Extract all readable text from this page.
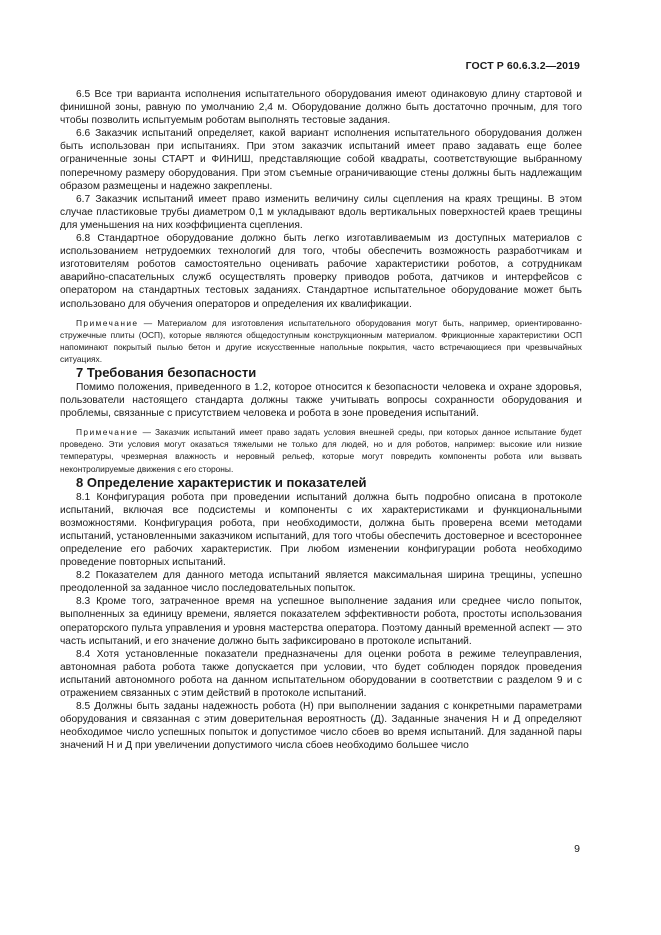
ГОСТ Р 60.6.3.2—2019

6.5 Все три варианта исполнения испытательного оборудования имеют одинаковую длину стартовой и финишной зоны, равную по умолчанию 2,4 м. Оборудование должно быть достаточно прочным, для того чтобы позволить испытуемым роботам выполнять тестовые задания.

6.6 Заказчик испытаний определяет, какой вариант исполнения испытательного оборудования должен быть использован при испытаниях. При этом заказчик испытаний имеет право задавать еще более ограниченные зоны СТАРТ и ФИНИШ, представляющие собой квадраты, соответствующие выбранному поперечному размеру оборудования. При этом съемные ограничивающие стены должны быть надлежащим образом размещены и надежно закреплены.

6.7 Заказчик испытаний имеет право изменить величину силы сцепления на краях трещины. В этом случае пластиковые трубы диаметром 0,1 м укладывают вдоль вертикальных поверхностей краев трещины для уменьшения на них коэффициента сцепления.

6.8 Стандартное оборудование должно быть легко изготавливаемым из доступных материалов с использованием нетрудоемких технологий для того, чтобы обеспечить возможность разработчикам и изготовителям роботов самостоятельно оценивать рабочие характеристики роботов, а сотрудникам аварийно-спасательных служб осуществлять проверку приводов робота, датчиков и интерфейсов с оператором на стандартных тестовых заданиях. Стандартное испытательное оборудование может быть использовано для обучения операторов и определения их квалификации.

Примечание — Материалом для изготовления испытательного оборудования могут быть, например, ориентированно-стружечные плиты (ОСП), которые являются общедоступным конструкционным материалом. Фрикционные характеристики ОСП напоминают покрытый пылью бетон и другие искусственные напольные покрытия, часто встречающиеся при чрезвычайных ситуациях.

7 Требования безопасности

Помимо положения, приведенного в 1.2, которое относится к безопасности человека и охране здоровья, пользователи настоящего стандарта должны также учитывать вопросы сохранности оборудования и проблемы, связанные с присутствием человека и робота в зоне проведения испытаний.

Примечание — Заказчик испытаний имеет право задать условия внешней среды, при которых данное испытание будет проведено. Эти условия могут оказаться тяжелыми не только для людей, но и для роботов, например: высокие или низкие температуры, чрезмерная влажность и неровный рельеф, которые могут повредить компоненты робота или вызвать неконтролируемые движения с его стороны.

8 Определение характеристик и показателей

8.1 Конфигурация робота при проведении испытаний должна быть подробно описана в протоколе испытаний, включая все подсистемы и компоненты с их характеристиками и функциональными возможностями. Конфигурация робота, при необходимости, должна быть проверена всеми методами испытаний, установленными заказчиком испытаний, для того чтобы обеспечить достоверное и всестороннее определение его рабочих характеристик. При любом изменении конфигурации робота необходимо проведение повторных испытаний.

8.2 Показателем для данного метода испытаний является максимальная ширина трещины, успешно преодоленной за заданное число последовательных попыток.

8.3 Кроме того, затраченное время на успешное выполнение задания или среднее число попыток, выполненных за единицу времени, является показателем эффективности робота, простоты использования операторского пульта управления и уровня мастерства оператора. Поэтому данный временной аспект — это часть испытаний, и его значение должно быть зафиксировано в протоколе испытаний.

8.4 Хотя установленные показатели предназначены для оценки робота в режиме телеуправления, автономная работа робота также допускается при условии, что будет соблюден порядок проведения испытаний автономного робота на данном испытательном оборудовании в соответствии с разделом 9 и с отражением связанных с этим действий в протоколе испытаний.

8.5 Должны быть заданы надежность робота (Н) при выполнении задания с конкретными параметрами оборудования и связанная с этим доверительная вероятность (Д). Заданные значения Н и Д определяют необходимое число успешных попыток и допустимое число сбоев во время испытаний. Для заданной пары значений Н и Д при увеличении допустимого числа сбоев необходимо большее число

9
